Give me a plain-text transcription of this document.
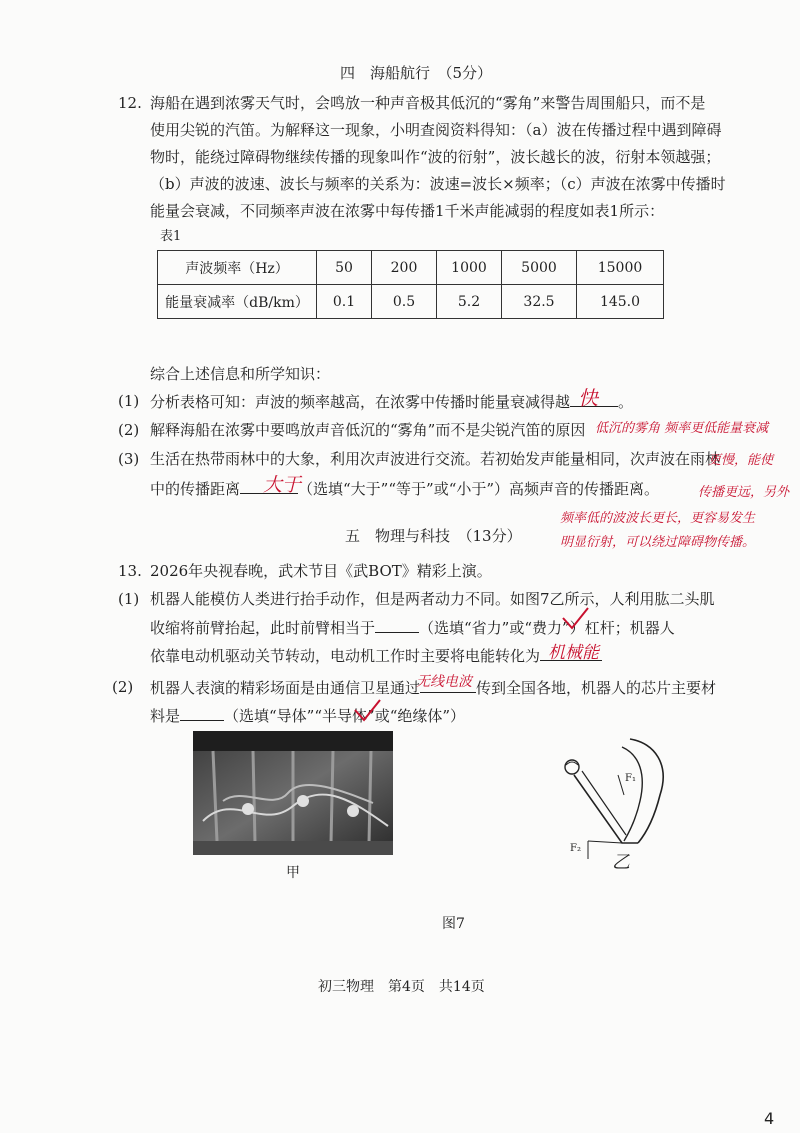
四　海船航行　（5分）
12. 海船在遇到浓雾天气时，会鸣放一种声音极其低沉的“雾角”来警告周围船只，而不是
使用尖锐的汽笛。为解释这一现象，小明查阅资料得知：（a）波在传播过程中遇到障碍
物时，能绕过障碍物继续传播的现象叫作“波的衍射”，波长越长的波，衍射本领越强；
（b）声波的波速、波长与频率的关系为：波速=波长×频率；（c）声波在浓雾中传播时
能量会衰减，不同频率声波在浓雾中每传播1千米声能减弱的程度如表1所示：
表1
声波频率（Hz）	50	200	1000	5000	15000
能量衰减率（dB/km）	0.1	0.5	5.2	32.5	145.0
综合上述信息和所学知识：
(1) 分析表格可知：声波的频率越高，在浓雾中传播时能量衰减得越	。
快
(2) 解释海船在浓雾中要鸣放声音低沉的“雾角”而不是尖锐汽笛的原因 低沉的雾角 频率更低能量衰减
(3) 生活在热带雨林中的大象，利用次声波进行交流。若初始发声能量相同，次声波在雨林
中的传播距离	（选填“大于”“等于”或“小于”）高频声音的传播距离。
大于
更慢，能使
传播更远，另外
频率低的波波长更长，更容易发生
明显衍射，可以绕过障碍物传播。
五　物理与科技　（13分）
13. 2026年央视春晚，武术节目《武BOT》精彩上演。
(1) 机器人能模仿人类进行抬手动作，但是两者动力不同。如图7乙所示，人利用肱二头肌
收缩将前臂抬起，此时前臂相当于	（选填“省力”或“费力”）杠杆；机器人
依靠电动机驱动关节转动，电动机工作时主要将电能转化为 机械能
(2) 机器人表演的精彩场面是由通信卫星通过	传到全国各地，机器人的芯片主要材
无线电波
料是	（选填“导体”“半导体”或“绝缘体”）
甲
F₁
F₂
乙
图7
初三物理　第4页　共14页
4
